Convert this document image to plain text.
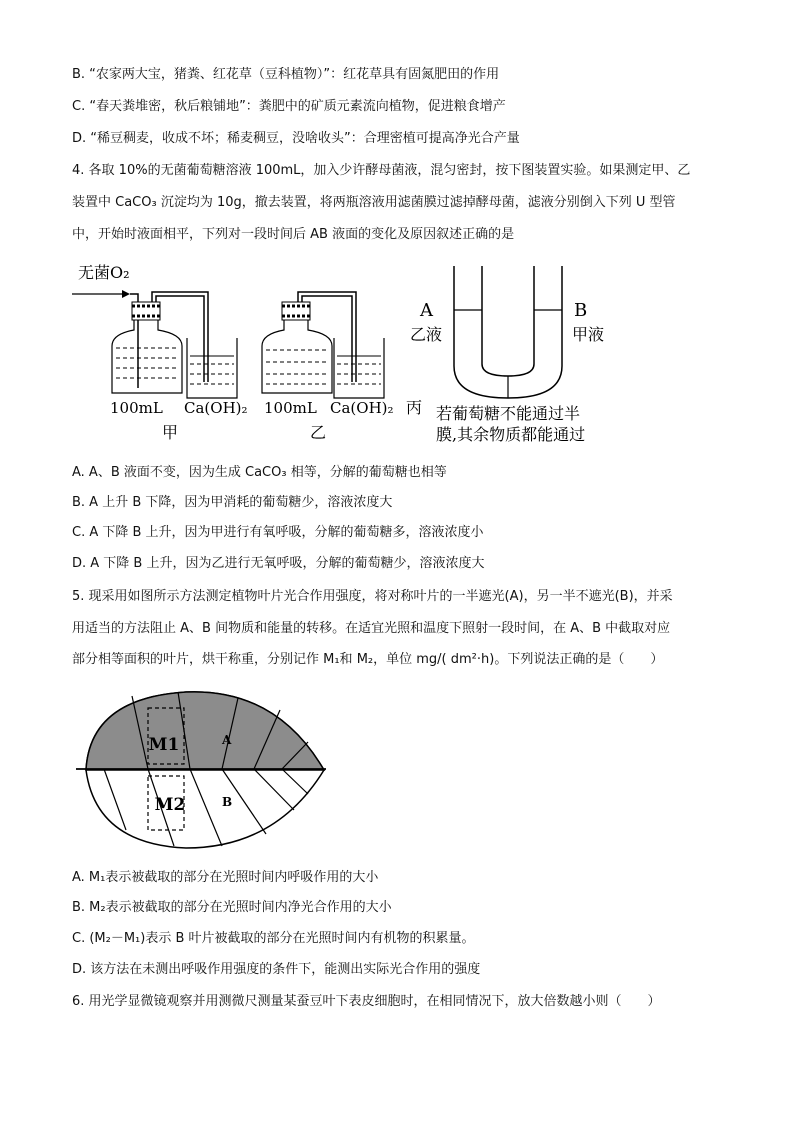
B. “农家两大宝，猪粪、红花草（豆科植物）”：红花草具有固氮肥田的作用
C. “春天粪堆密，秋后粮铺地”：粪肥中的矿质元素流向植物，促进粮食增产
D. “稀豆稠麦，收成不坏；稀麦稠豆，没啥收头”：合理密植可提高净光合产量
4. 各取 10%的无菌葡萄糖溶液 100mL，加入少许酵母菌液，混匀密封，按下图装置实验。如果测定甲、乙
装置中 CaCO₃ 沉淀均为 10g，撤去装置，将两瓶溶液用滤菌膜过滤掉酵母菌，滤液分别倒入下列 U 型管
中，开始时液面相平，下列对一段时间后 AB 液面的变化及原因叙述正确的是
无菌O₂
100mL Ca(OH)₂
甲
100mL Ca(OH)₂
乙
丙
A	B
乙液	甲液
若葡萄糖不能通过半
膜,其余物质都能通过
A. A、B 液面不变，因为生成 CaCO₃ 相等，分解的葡萄糖也相等
B. A 上升 B 下降，因为甲消耗的葡萄糖少，溶液浓度大
C. A 下降 B 上升，因为甲进行有氧呼吸，分解的葡萄糖多，溶液浓度小
D. A 下降 B 上升，因为乙进行无氧呼吸，分解的葡萄糖少，溶液浓度大
5. 现采用如图所示方法测定植物叶片光合作用强度，将对称叶片的一半遮光(A)，另一半不遮光(B)，并采
用适当的方法阻止 A、B 间物质和能量的转移。在适宜光照和温度下照射一段时间，在 A、B 中截取对应
部分相等面积的叶片，烘干称重，分别记作 M₁和 M₂，单位 mg/( dm²·h)。下列说法正确的是（　　）
M1
M2
A
B
A. M₁表示被截取的部分在光照时间内呼吸作用的大小
B. M₂表示被截取的部分在光照时间内净光合作用的大小
C. (M₂－M₁)表示 B 叶片被截取的部分在光照时间内有机物的积累量。
D. 该方法在未测出呼吸作用强度的条件下，能测出实际光合作用的强度
6. 用光学显微镜观察并用测微尺测量某蚕豆叶下表皮细胞时，在相同情况下，放大倍数越小则（　　）
